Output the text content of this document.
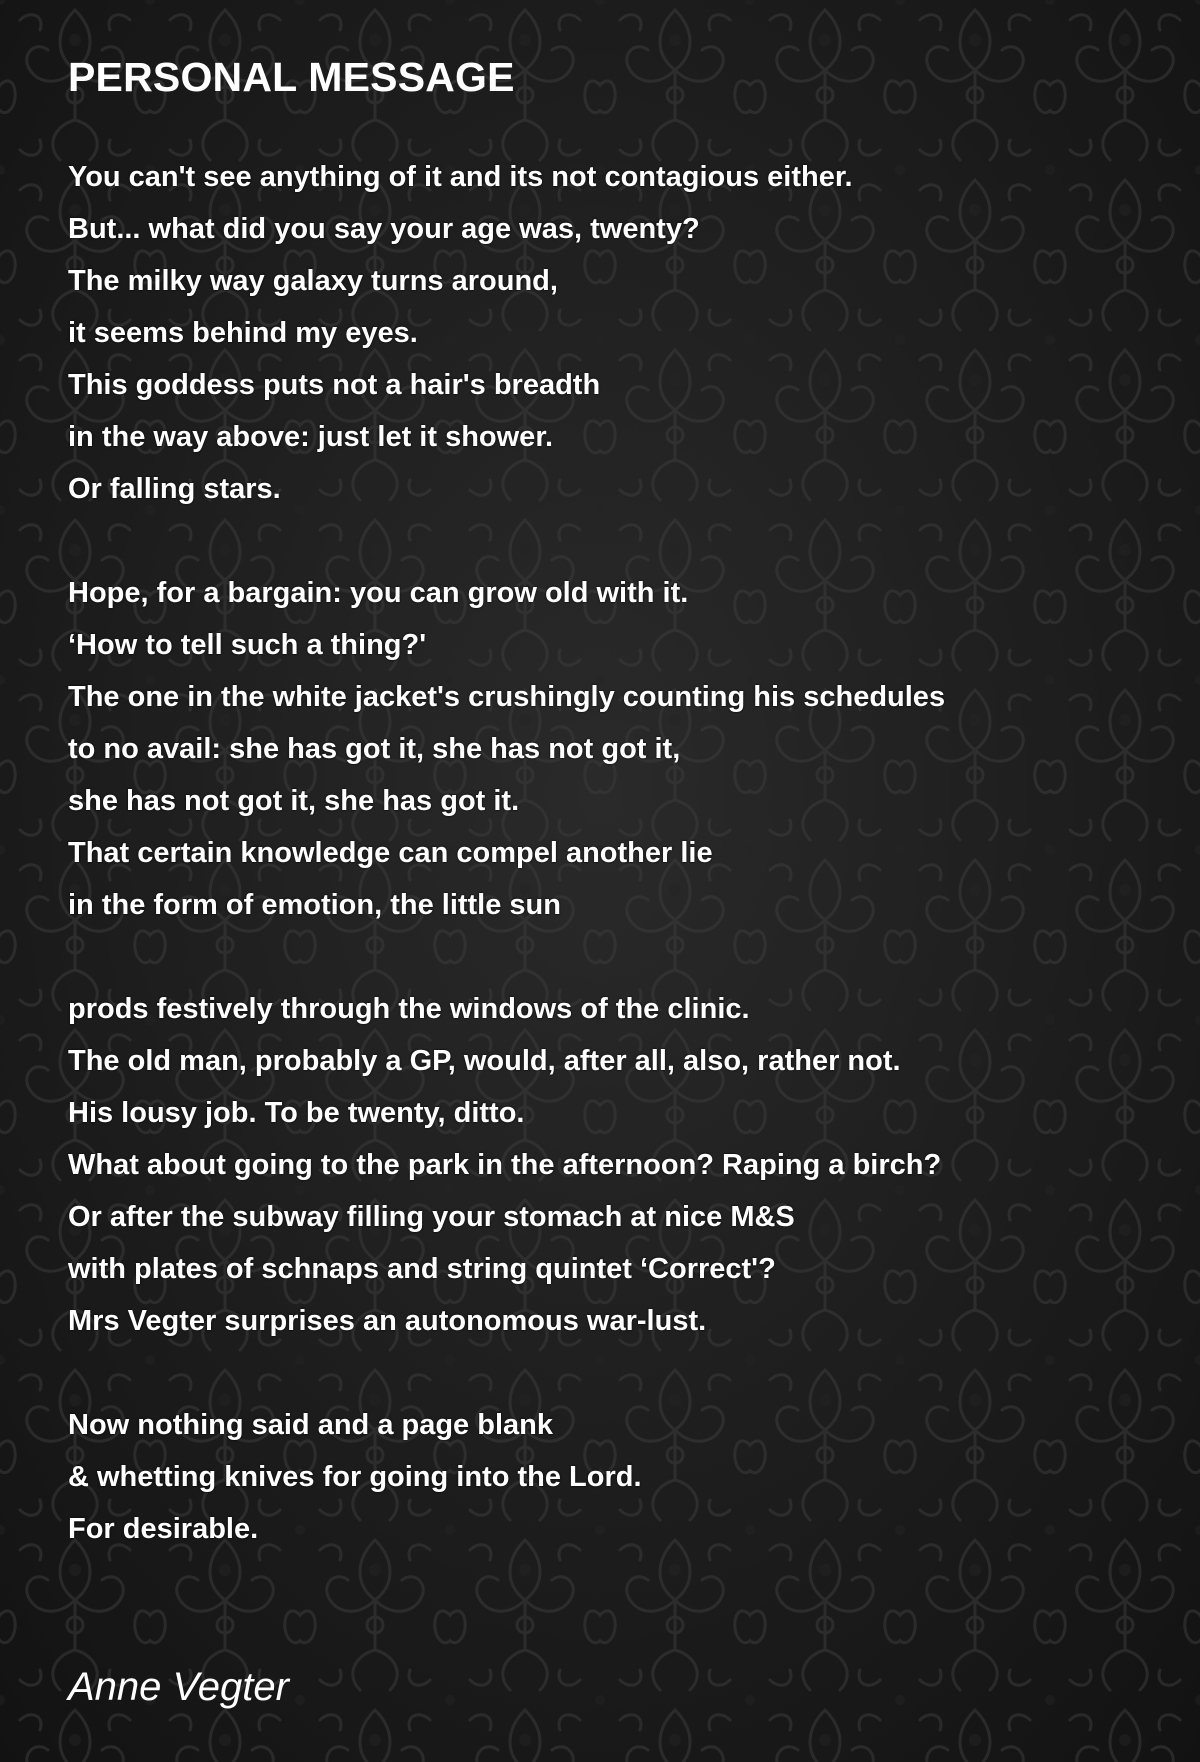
PERSONAL MESSAGE
You can't see anything of it and its not contagious either.
But... what did you say your age was, twenty?
The milky way galaxy turns around,
it seems behind my eyes.
This goddess puts not a hair's breadth
in the way above: just let it shower.
Or falling stars.
Hope, for a bargain: you can grow old with it.
‘How to tell such a thing?'
The one in the white jacket's crushingly counting his schedules
to no avail: she has got it, she has not got it,
she has not got it, she has got it.
That certain knowledge can compel another lie
in the form of emotion, the little sun
prods festively through the windows of the clinic.
The old man, probably a GP, would, after all, also, rather not.
His lousy job. To be twenty, ditto.
What about going to the park in the afternoon? Raping a birch?
Or after the subway filling your stomach at nice M&S
with plates of schnaps and string quintet ‘Correct'?
Mrs Vegter surprises an autonomous war-lust.
Now nothing said and a page blank
& whetting knives for going into the Lord.
For desirable.

Anne Vegter
